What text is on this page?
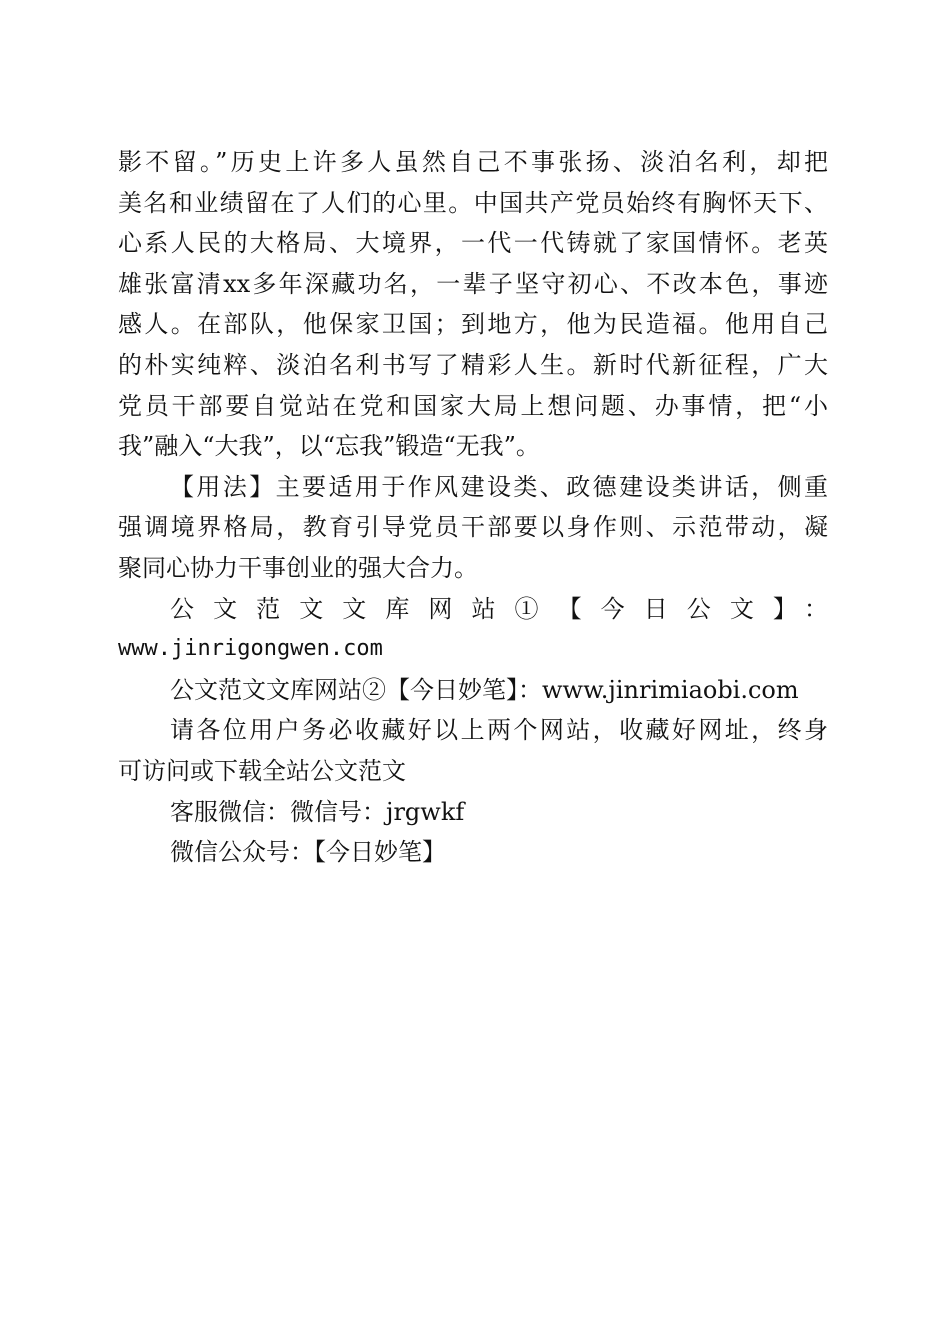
影不留。”历史上许多人虽然自己不事张扬、淡泊名利，却把
美名和业绩留在了人们的心里。中国共产党员始终有胸怀天下、
心系人民的大格局、大境界，一代一代铸就了家国情怀。老英
雄张富清xx多年深藏功名，一辈子坚守初心、不改本色，事迹
感人。在部队，他保家卫国；到地方，他为民造福。他用自己
的朴实纯粹、淡泊名利书写了精彩人生。新时代新征程，广大
党员干部要自觉站在党和国家大局上想问题、办事情，把“小
我”融入“大我”，以“忘我”锻造“无我”。
【用法】主要适用于作风建设类、政德建设类讲话，侧重
强调境界格局，教育引导党员干部要以身作则、示范带动，凝
聚同心协力干事创业的强大合力。
公文范文文库网站①【今日公文】：
www.jinrigongwen.com
公文范文文库网站②【今日妙笔】：www.jinrimiaobi.com
请各位用户务必收藏好以上两个网站，收藏好网址，终身
可访问或下载全站公文范文
客服微信：微信号：jrgwkf
微信公众号：【今日妙笔】
